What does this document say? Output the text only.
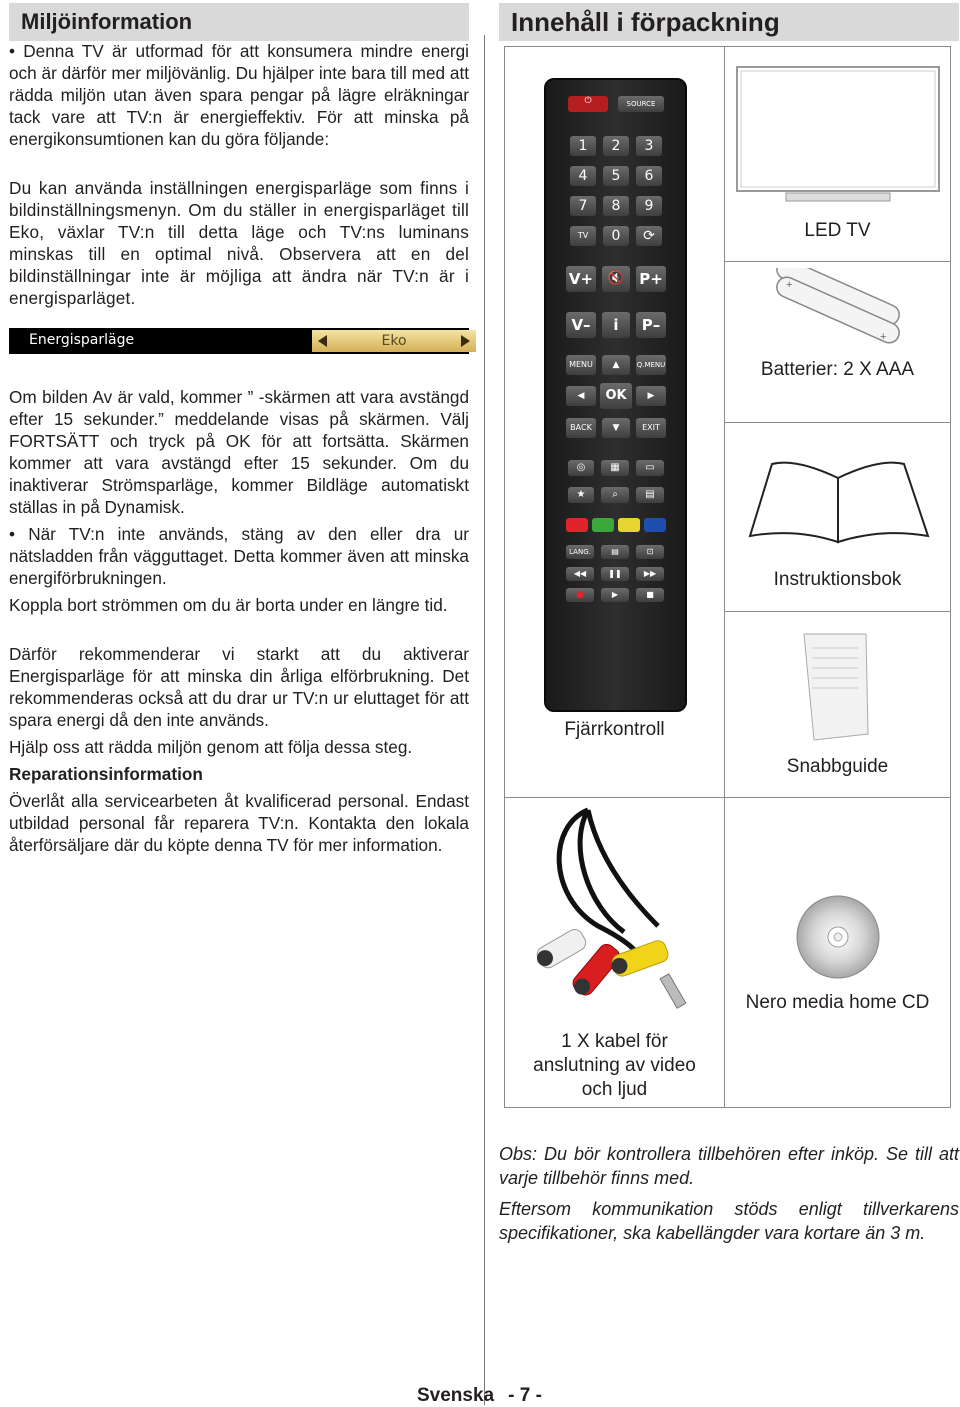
Miljöinformation	Innehåll i förpackning

• Denna TV är utformad för att konsumera mindre energi och är därför mer miljövänlig. Du hjälper inte bara till med att rädda miljön utan även spara pengar på lägre elräkningar tack vare att TV:n är energieffektiv. För att minska på energikonsumtionen kan du göra följande:

Du kan använda inställningen energisparläge som finns i bildinställningsmenyn. Om du ställer in energisparläget till Eko, växlar TV:n till detta läge och TV:ns luminans minskas till en optimal nivå. Observera att en del bildinställningar inte är möjliga att ändra när TV:n är i energisparläget.

Energisparläge	Eko

Om bilden Av är vald, kommer ” -skärmen att vara avstängd efter 15 sekunder.” meddelande visas på skärmen. Välj FORTSÄTT och tryck på OK för att fortsätta. Skärmen kommer att vara avstängd efter 15 sekunder. Om du inaktiverar Strömsparläge, kommer Bildläge automatiskt ställas in på Dynamisk.

• När TV:n inte används, stäng av den eller dra ur nätsladden från vägguttaget. Detta kommer även att minska energiförbrukningen.

Koppla bort strömmen om du är borta under en längre tid.

Därför rekommenderar vi starkt att du aktiverar Energisparläge för att minska din årliga elförbrukning. Det rekommenderas också att du drar ur TV:n ur eluttaget för att spara energi då den inte används.

Hjälp oss att rädda miljön genom att följa dessa steg.

Reparationsinformation

Överlåt alla servicearbeten åt kvalificerad personal. Endast utbildad personal får reparera TV:n. Kontakta den lokala återförsäljare där du köpte denna TV för mer information.

LED TV
+
+
Batterier: 2 X AAA
Instruktionsbok
Snabbguide
⏻	SOURCE
1	2	3
4	5	6
7	8	9
TV	0	⟳
V+	🔇	P+
V–	i	P–
MENU	▲	Q.MENU
◀	OK	▶
BACK	▼	EXIT
◎	▦	▭
★	⌕	▤
LANG.	▤	⊡
◀◀	❚❚	▶▶
●	▶	■
Fjärrkontroll
1 X kabel för
anslutning av video
och ljud
Nero media home CD

Obs: Du bör kontrollera tillbehören efter inköp. Se till att varje tillbehör finns med.

Eftersom kommunikation stöds enligt tillverkarens specifikationer, ska kabellängder vara kortare än 3 m.

Svenska - 7 -
